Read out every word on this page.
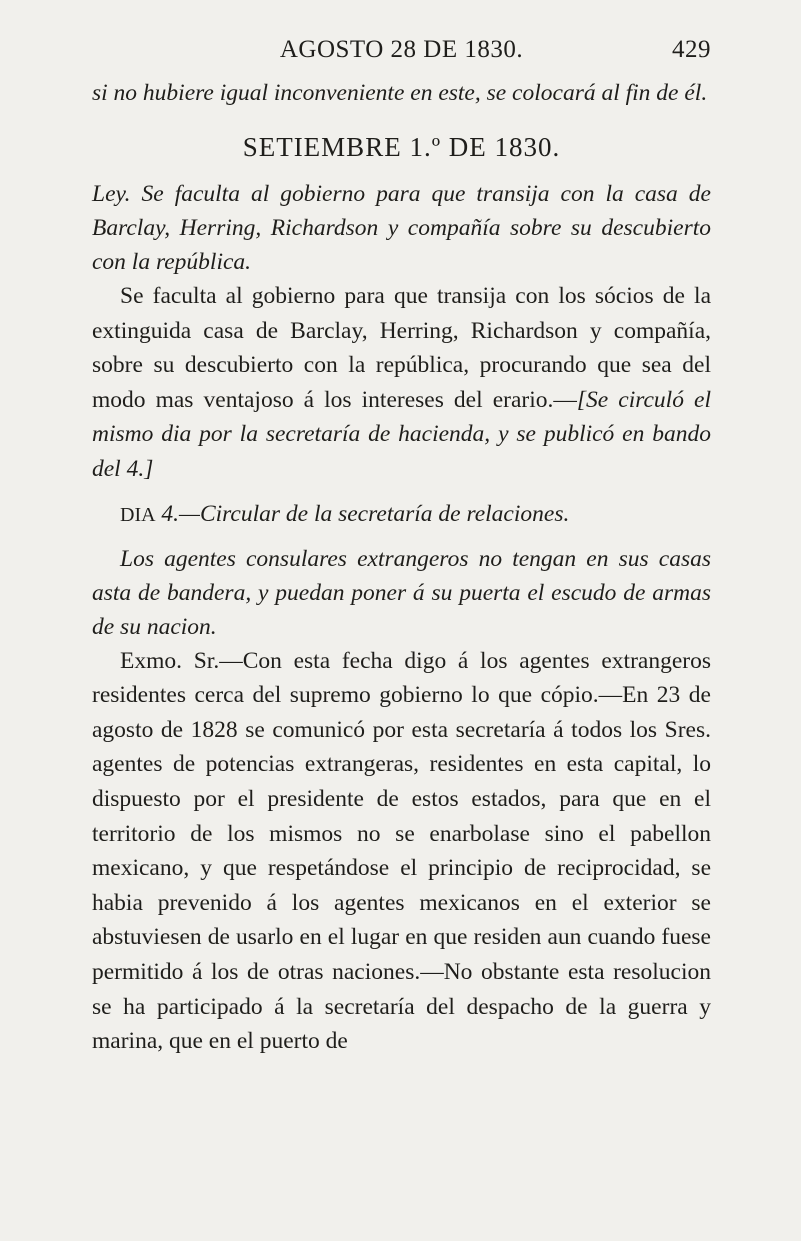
AGOSTO 28 DE 1830.	429

si no hubiere igual inconveniente en este, se colocará al fin de él.

SETIEMBRE 1.º DE 1830.

Ley. Se faculta al gobierno para que transija con la casa de Barclay, Herring, Richardson y compañía sobre su descubierto con la república.

Se faculta al gobierno para que transija con los sócios de la extinguida casa de Barclay, Herring, Richardson y compañía, sobre su descubierto con la república, procurando que sea del modo mas ventajoso á los intereses del erario.—[Se circuló el mismo dia por la secretaría de hacienda, y se publicó en bando del 4.]

DIA 4.—Circular de la secretaría de relaciones.

Los agentes consulares extrangeros no tengan en sus casas asta de bandera, y puedan poner á su puerta el escudo de armas de su nacion.

Exmo. Sr.—Con esta fecha digo á los agentes extrangeros residentes cerca del supremo gobierno lo que cópio.—En 23 de agosto de 1828 se comunicó por esta secretaría á todos los Sres. agentes de potencias extrangeras, residentes en esta capital, lo dispuesto por el presidente de estos estados, para que en el territorio de los mismos no se enarbolase sino el pabellon mexicano, y que respetándose el principio de reciprocidad, se habia prevenido á los agentes mexicanos en el exterior se abstuviesen de usarlo en el lugar en que residen aun cuando fuese permitido á los de otras naciones.—No obstante esta resolucion se ha participado á la secretaría del despacho de la guerra y marina, que en el puerto de
